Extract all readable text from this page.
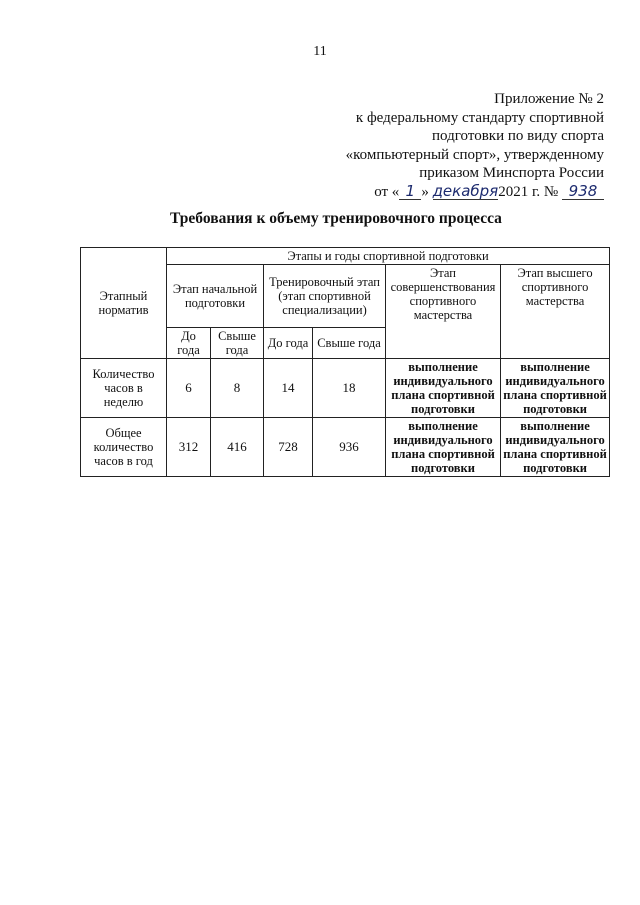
11
Приложение № 2
к федеральному стандарту спортивной
подготовки по виду спорта
«компьютерный спорт», утвержденному
приказом Минспорта России
от « 1 » декабря2021 г. № 938
Требования к объему тренировочного процесса
Этапный норматив	Этапы и годы спортивной подготовки					
	Этап начальной подготовки		Тренировочный этап (этап спортивной специализации)		Этап совершенствования спортивного мастерства	Этап высшего спортивного мастерства
	До года	Свыше года	До года	Свыше года		
Количество часов в неделю	6	8	14	18	выполнение индивидуального плана спортивной подготовки	выполнение индивидуального плана спортивной подготовки
Общее количество часов в год	312	416	728	936	выполнение индивидуального плана спортивной подготовки	выполнение индивидуального плана спортивной подготовки
